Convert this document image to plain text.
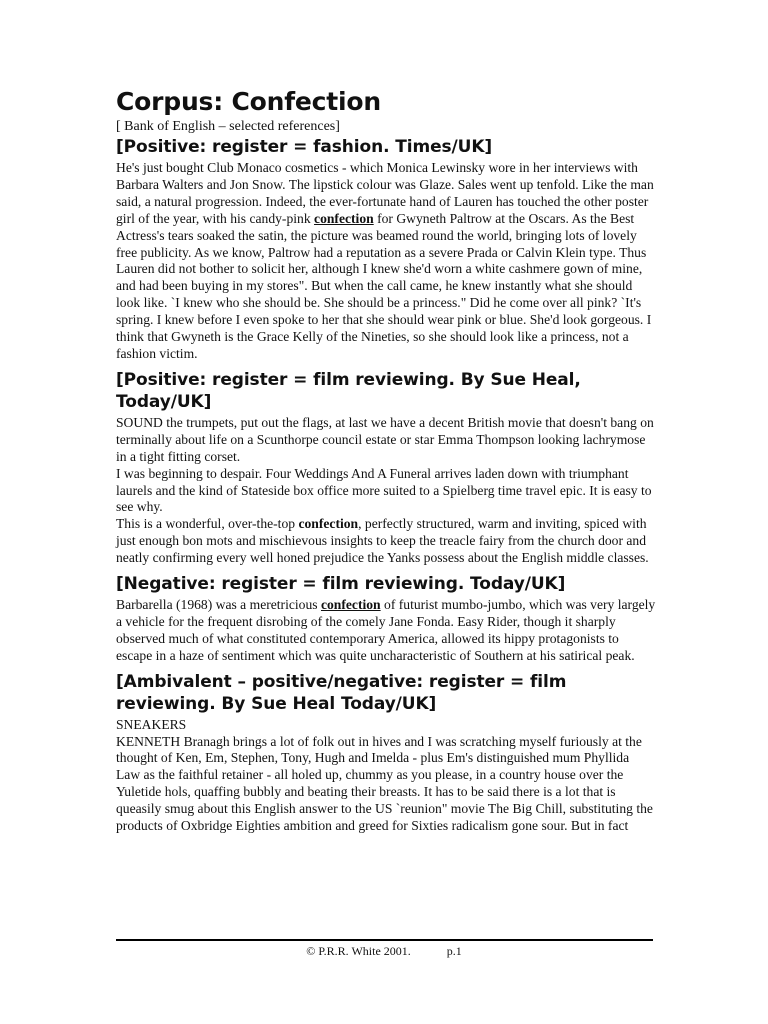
Corpus: Confection

[ Bank of English – selected references]

[Positive: register = fashion. Times/UK]

He's just bought Club Monaco cosmetics - which Monica Lewinsky wore in her interviews with Barbara Walters and Jon Snow. The lipstick colour was Glaze. Sales went up tenfold. Like the man said, a natural progression. Indeed, the ever-fortunate hand of Lauren has touched the other poster girl of the year, with his candy-pink confection for Gwyneth Paltrow at the Oscars. As the Best Actress's tears soaked the satin, the picture was beamed round the world, bringing lots of lovely free publicity. As we know, Paltrow had a reputation as a severe Prada or Calvin Klein type. Thus Lauren did not bother to solicit her, although I knew she'd worn a white cashmere gown of mine, and had been buying in my stores". But when the call came, he knew instantly what she should look like. `I knew who she should be. She should be a princess." Did he come over all pink? `It's spring. I knew before I even spoke to her that she should wear pink or blue. She'd look gorgeous. I think that Gwyneth is the Grace Kelly of the Nineties, so she should look like a princess, not a fashion victim.

[Positive: register = film reviewing. By Sue Heal, Today/UK]

SOUND the trumpets, put out the flags, at last we have a decent British movie that doesn't bang on terminally about life on a Scunthorpe council estate or star Emma Thompson looking lachrymose in a tight fitting corset.

I was beginning to despair. Four Weddings And A Funeral arrives laden down with triumphant laurels and the kind of Stateside box office more suited to a Spielberg time travel epic. It is easy to see why.

This is a wonderful, over-the-top confection, perfectly structured, warm and inviting, spiced with just enough bon mots and mischievous insights to keep the treacle fairy from the church door and neatly confirming every well honed prejudice the Yanks possess about the English middle classes.

[Negative: register = film reviewing. Today/UK]

Barbarella (1968) was a meretricious confection of futurist mumbo-jumbo, which was very largely a vehicle for the frequent disrobing of the comely Jane Fonda. Easy Rider, though it sharply observed much of what constituted contemporary America, allowed its hippy protagonists to escape in a haze of sentiment which was quite uncharacteristic of Southern at his satirical peak.

[Ambivalent – positive/negative: register = film reviewing. By Sue Heal Today/UK]

SNEAKERS

KENNETH Branagh brings a lot of folk out in hives and I was scratching myself furiously at the thought of Ken, Em, Stephen, Tony, Hugh and Imelda - plus Em's distinguished mum Phyllida Law as the faithful retainer - all holed up, chummy as you please, in a country house over the Yuletide hols, quaffing bubbly and beating their breasts. It has to be said there is a lot that is queasily smug about this English answer to the US `reunion" movie The Big Chill, substituting the products of Oxbridge Eighties ambition and greed for Sixties radicalism gone sour. But in fact

© P.R.R. White 2001.	p.1
